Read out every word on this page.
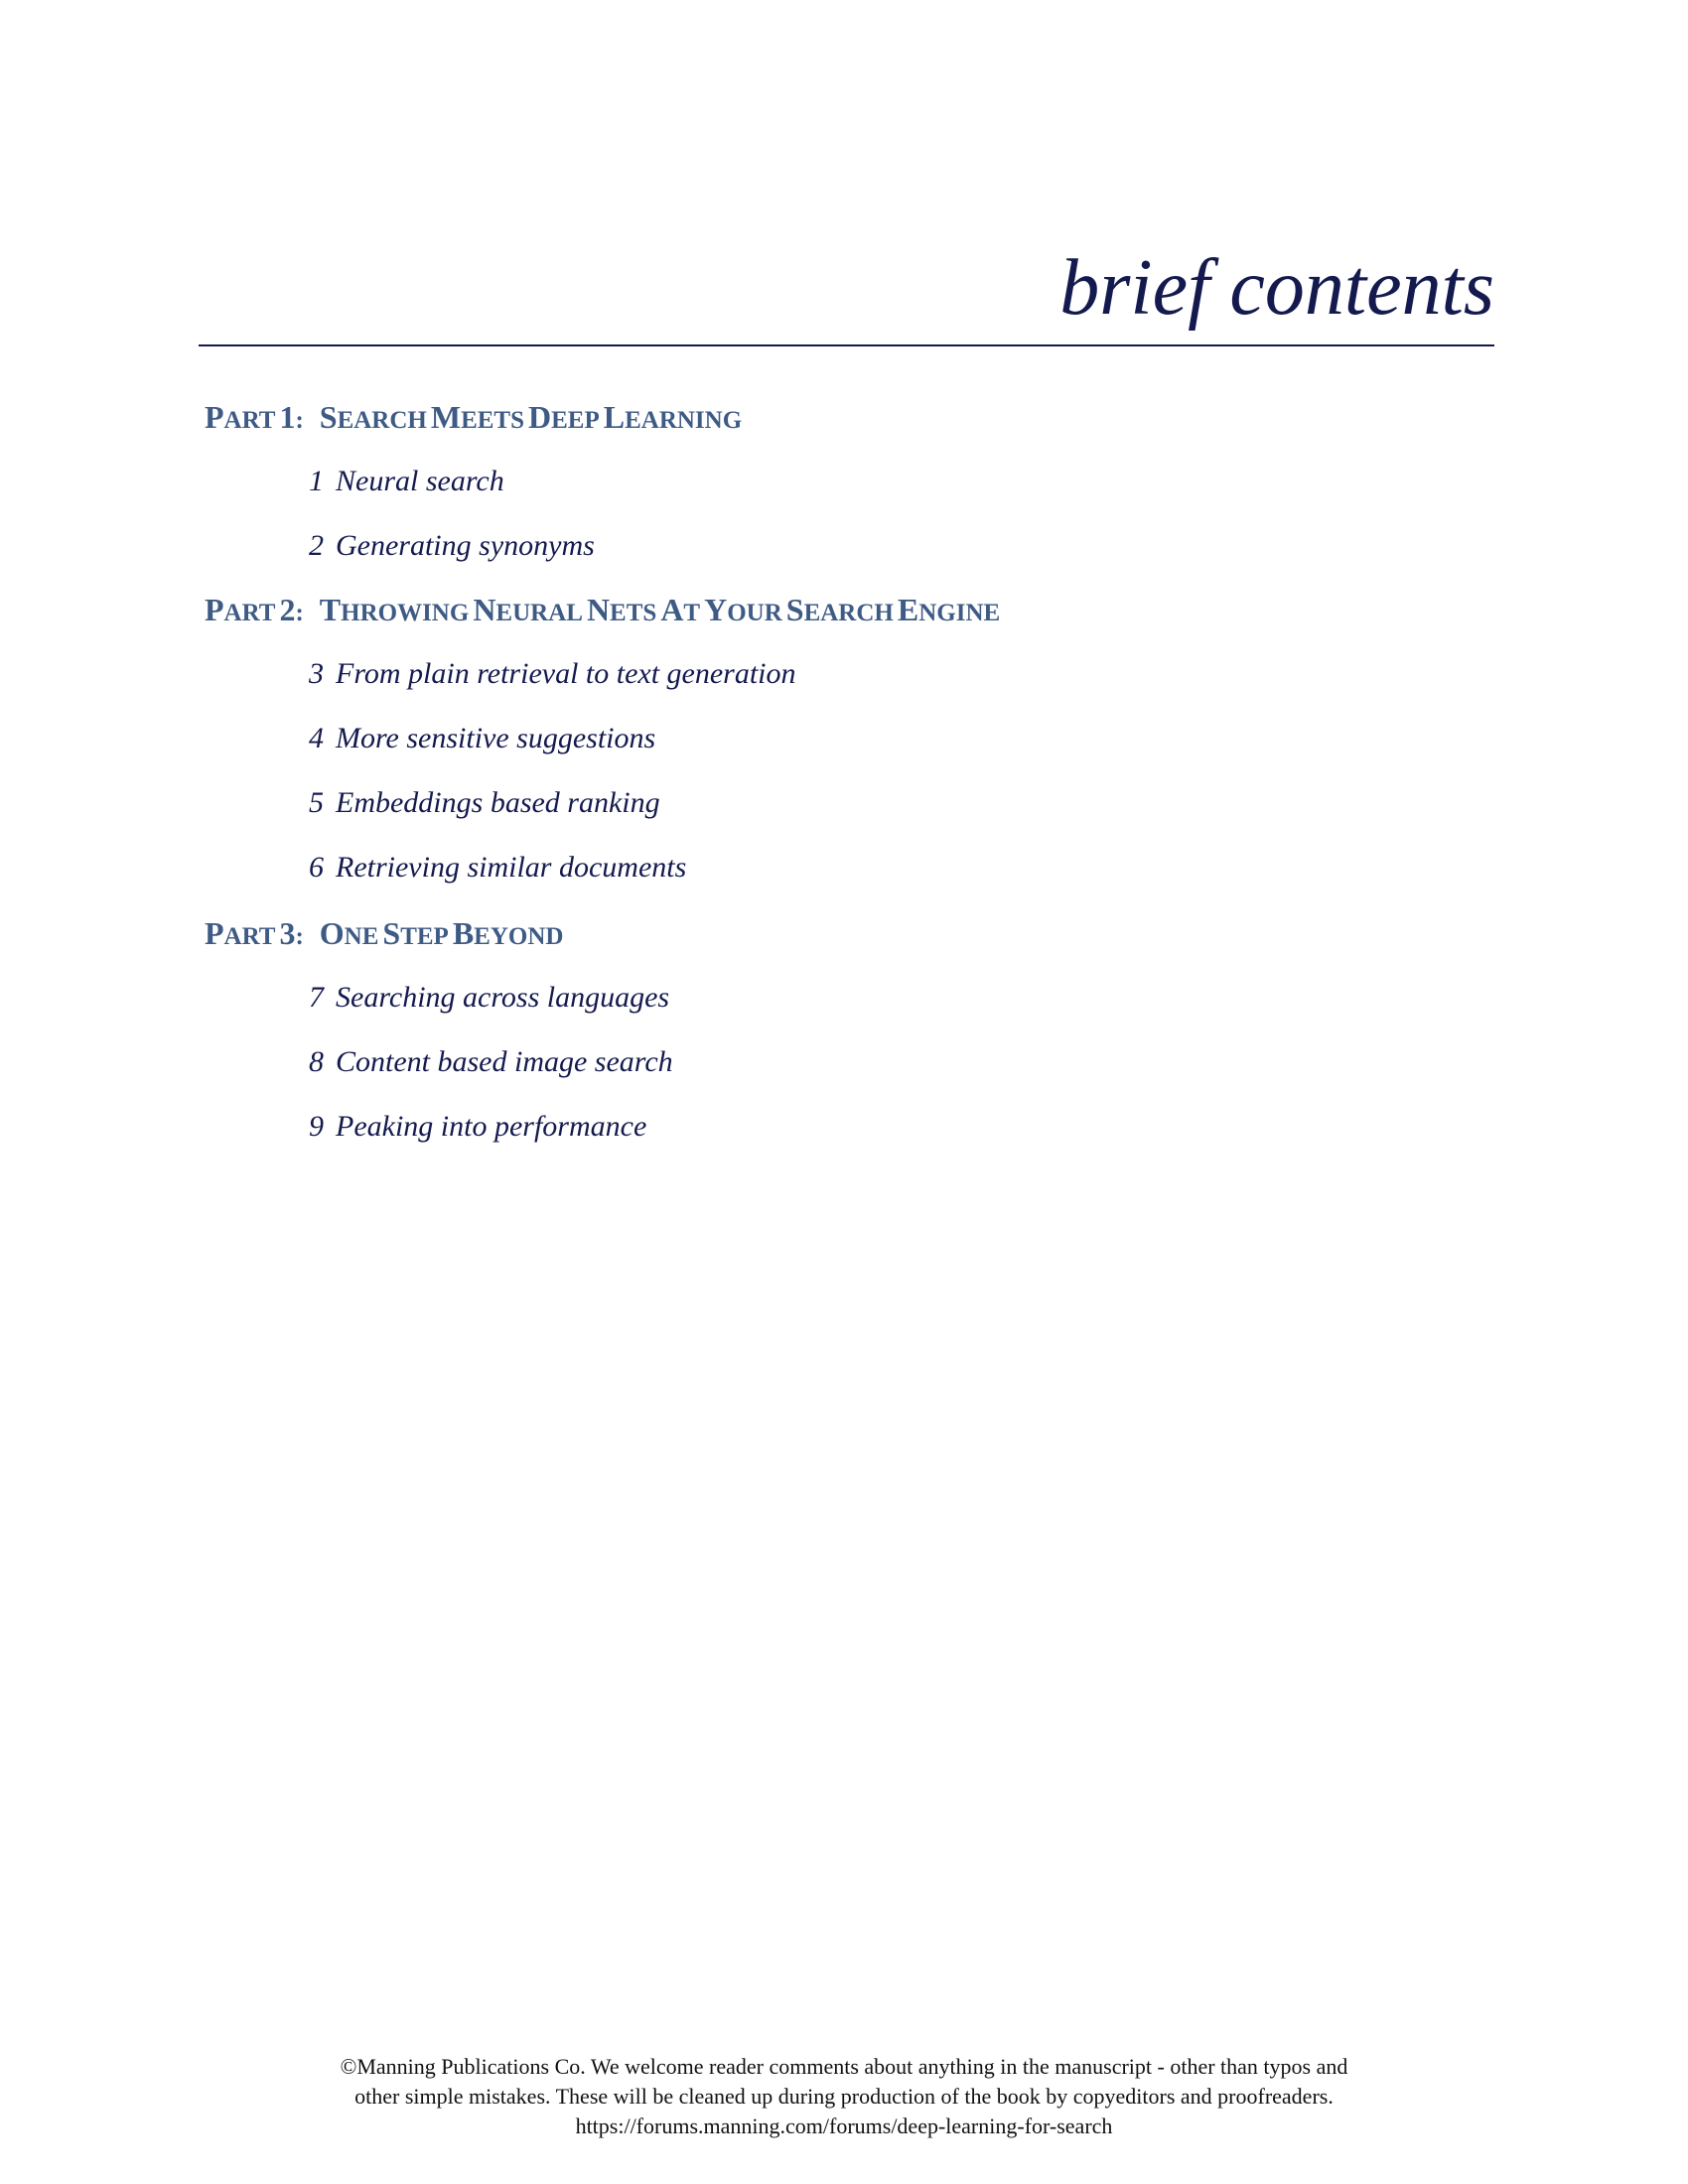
brief contents
PART 1: SEARCH MEETS DEEP LEARNING
1 Neural search
2 Generating synonyms
PART 2: THROWING NEURAL NETS AT YOUR SEARCH ENGINE
3 From plain retrieval to text generation
4 More sensitive suggestions
5 Embeddings based ranking
6 Retrieving similar documents
PART 3: ONE STEP BEYOND
7 Searching across languages
8 Content based image search
9 Peaking into performance
©Manning Publications Co. We welcome reader comments about anything in the manuscript - other than typos and
other simple mistakes. These will be cleaned up during production of the book by copyeditors and proofreaders.
https://forums.manning.com/forums/deep-learning-for-search
